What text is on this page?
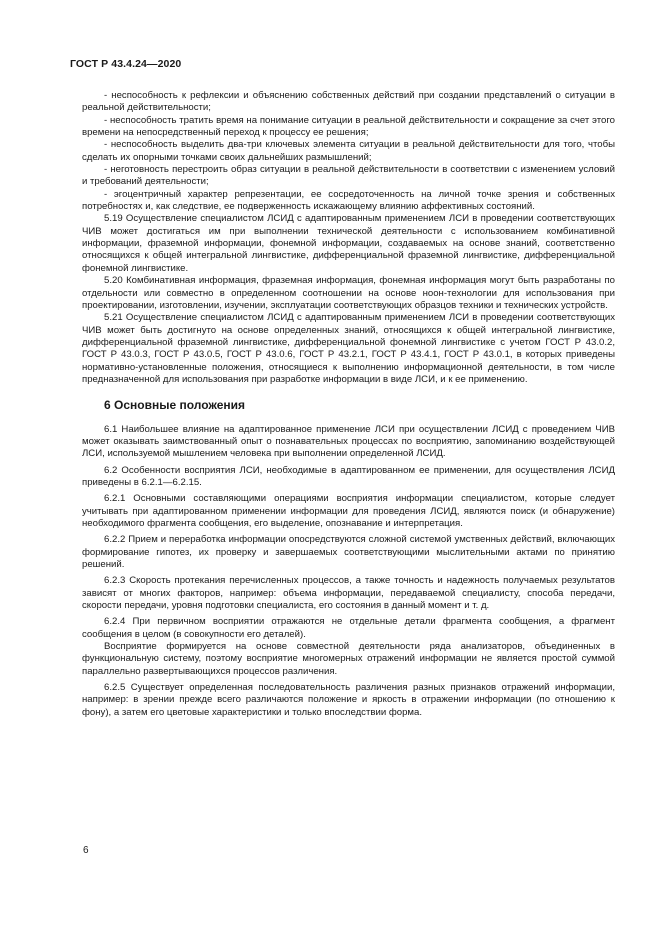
ГОСТ Р 43.4.24—2020

- неспособность к рефлексии и объяснению собственных действий при создании представлений о ситуации в реальной действительности;

- неспособность тратить время на понимание ситуации в реальной действительности и сокращение за счет этого времени на непосредственный переход к процессу ее решения;

- неспособность выделить два-три ключевых элемента ситуации в реальной действительности для того, чтобы сделать их опорными точками своих дальнейших размышлений;

- неготовность перестроить образ ситуации в реальной действительности в соответствии с изменением условий и требований деятельности;

- эгоцентричный характер репрезентации, ее сосредоточенность на личной точке зрения и собственных потребностях и, как следствие, ее подверженность искажающему влиянию аффективных состояний.

5.19 Осуществление специалистом ЛСИД с адаптированным применением ЛСИ в проведении соответствующих ЧИВ может достигаться им при выполнении технической деятельности с использованием комбинативной информации, фраземной информации, фонемной информации, создаваемых на основе знаний, соответственно относящихся к общей интегральной лингвистике, дифференциальной фраземной лингвистике, дифференциальной фонемной лингвистике.

5.20 Комбинативная информация, фраземная информация, фонемная информация могут быть разработаны по отдельности или совместно в определенном соотношении на основе ноон-технологии для использования при проектировании, изготовлении, изучении, эксплуатации соответствующих образцов техники и технических устройств.

5.21 Осуществление специалистом ЛСИД с адаптированным применением ЛСИ в проведении соответствующих ЧИВ может быть достигнуто на основе определенных знаний, относящихся к общей интегральной лингвистике, дифференциальной фраземной лингвистике, дифференциальной фонемной лингвистике с учетом ГОСТ Р 43.0.2, ГОСТ Р 43.0.3, ГОСТ Р 43.0.5, ГОСТ Р 43.0.6, ГОСТ Р 43.2.1, ГОСТ Р 43.4.1, ГОСТ Р 43.0.1, в которых приведены нормативно-установленные положения, относящиеся к выполнению информационной деятельности, в том числе предназначенной для использования при разработке информации в виде ЛСИ, и к ее применению.

6 Основные положения

6.1 Наибольшее влияние на адаптированное применение ЛСИ при осуществлении ЛСИД с проведением ЧИВ может оказывать заимствованный опыт о познавательных процессах по восприятию, запоминанию воздействующей ЛСИ, используемой мышлением человека при выполнении определенной ЛСИД.

6.2 Особенности восприятия ЛСИ, необходимые в адаптированном ее применении, для осуществления ЛСИД приведены в 6.2.1—6.2.15.

6.2.1 Основными составляющими операциями восприятия информации специалистом, которые следует учитывать при адаптированном применении информации для проведения ЛСИД, являются поиск (и обнаружение) необходимого фрагмента сообщения, его выделение, опознавание и интерпретация.

6.2.2 Прием и переработка информации опосредствуются сложной системой умственных действий, включающих формирование гипотез, их проверку и завершаемых соответствующими мыслительными актами по принятию решений.

6.2.3 Скорость протекания перечисленных процессов, а также точность и надежность получаемых результатов зависят от многих факторов, например: объема информации, передаваемой специалисту, способа передачи, скорости передачи, уровня подготовки специалиста, его состояния в данный момент и т. д.

6.2.4 При первичном восприятии отражаются не отдельные детали фрагмента сообщения, а фрагмент сообщения в целом (в совокупности его деталей).

Восприятие формируется на основе совместной деятельности ряда анализаторов, объединенных в функциональную систему, поэтому восприятие многомерных отражений информации не является простой суммой параллельно развертывающихся процессов различения.

6.2.5 Существует определенная последовательность различения разных признаков отражений информации, например: в зрении прежде всего различаются положение и яркость в отражении информации (по отношению к фону), а затем его цветовые характеристики и только впоследствии форма.

6
